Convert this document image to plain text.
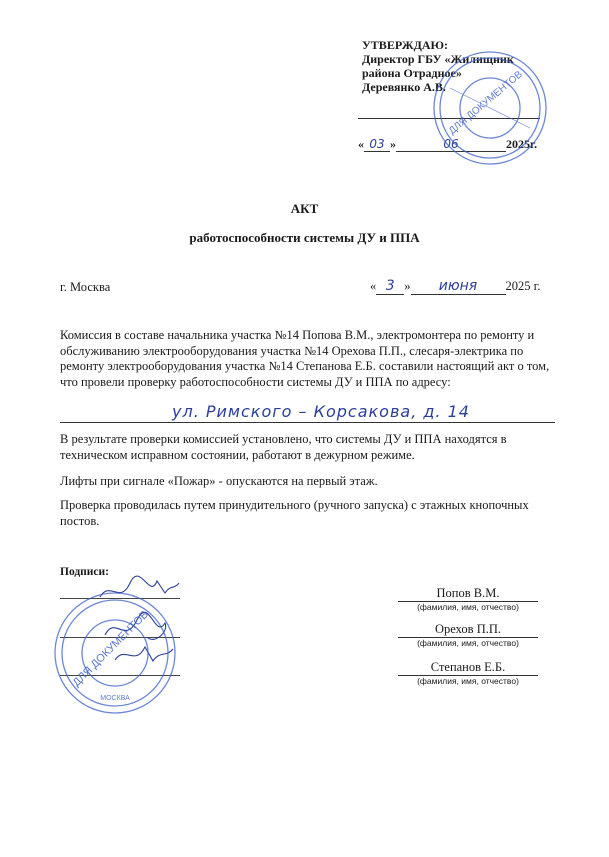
УТВЕРЖДАЮ:
Директор ГБУ «Жилищник
района Отрадное»
Деревянко А.В.
« 03 »	06	2025г.
ДЛЯ ДОКУМЕНТОВ
АКТ
работоспособности системы ДУ и ППА
г. Москва	« 3 » июня 2025 г.
Комиссия в составе начальника участка №14 Попова В.М., электромонтера по ремонту и обслуживанию электрооборудования участка №14 Орехова П.П., слесаря-электрика по ремонту электрооборудования участка №14 Степанова Е.Б. составили настоящий акт о том, что провели проверку работоспособности системы ДУ и ППА по адресу:
ул. Римского – Корсакова, д. 14
В результате проверки комиссией установлено, что системы ДУ и ППА находятся в техническом исправном состоянии, работают в дежурном режиме.
Лифты при сигнале «Пожар» - опускаются на первый этаж.
Проверка проводилась путем принудительного (ручного запуска) с этажных кнопочных постов.
Подписи:
ДЛЯ ДОКУМЕНТОВ
МОСКВА
Попов В.М.
(фамилия, имя, отчество)
Орехов П.П.
(фамилия, имя, отчество)
Степанов Е.Б.
(фамилия, имя, отчество)
